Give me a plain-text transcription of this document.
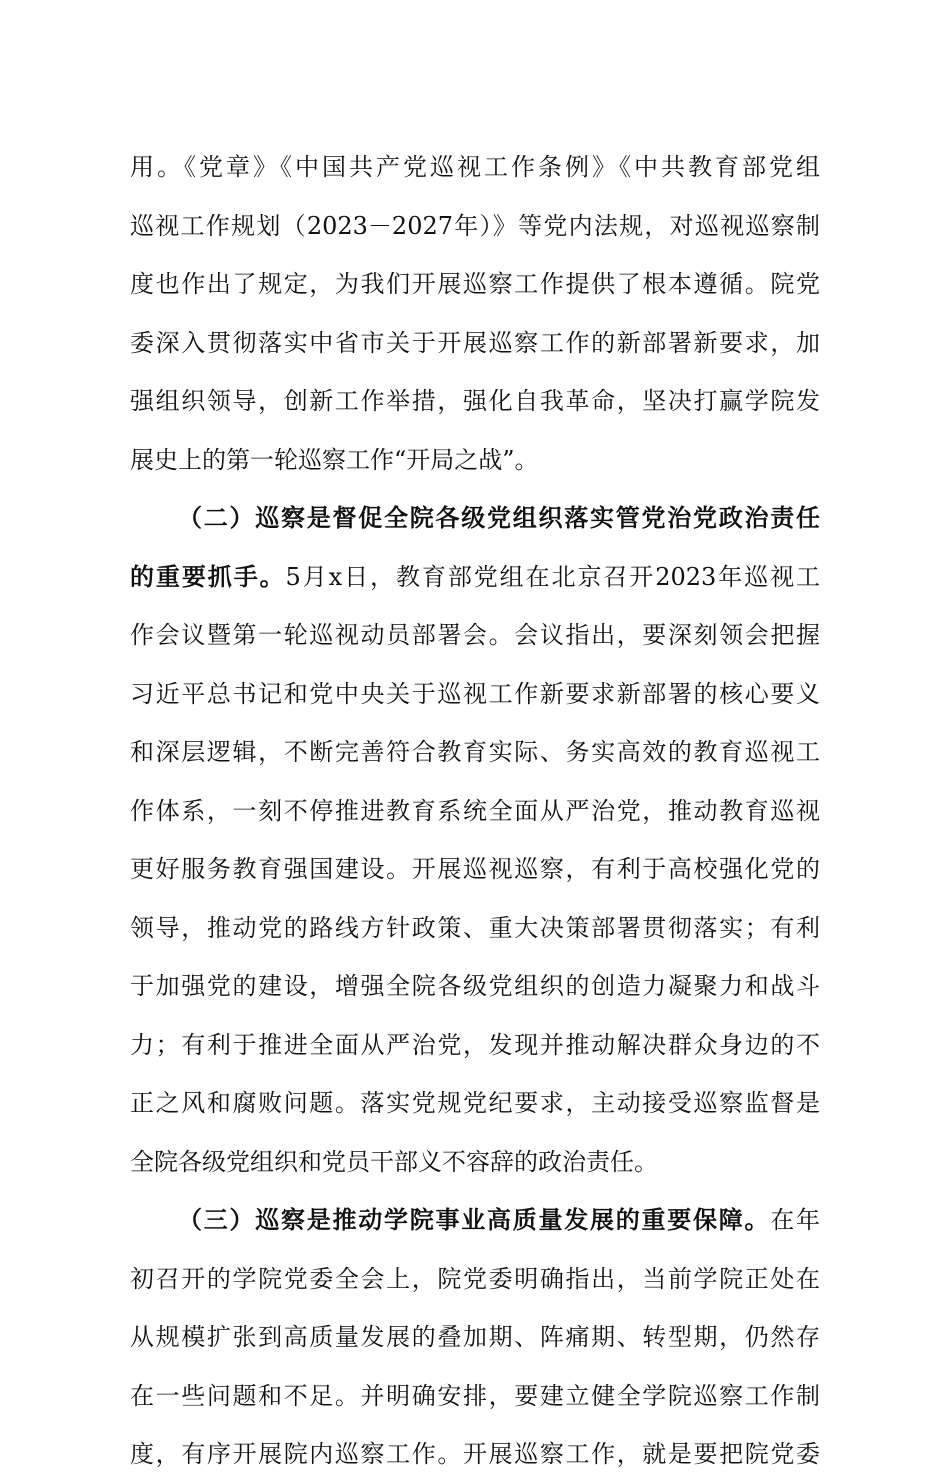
用。《党章》《中国共产党巡视工作条例》《中共教育部党组
巡视工作规划（2023－2027年）》等党内法规，对巡视巡察制
度也作出了规定，为我们开展巡察工作提供了根本遵循。院党
委深入贯彻落实中省市关于开展巡察工作的新部署新要求，加
强组织领导，创新工作举措，强化自我革命，坚决打赢学院发
展史上的第一轮巡察工作“开局之战”。
（二）巡察是督促全院各级党组织落实管党治党政治责任
的重要抓手。5月x日，教育部党组在北京召开2023年巡视工
作会议暨第一轮巡视动员部署会。会议指出，要深刻领会把握
习近平总书记和党中央关于巡视工作新要求新部署的核心要义
和深层逻辑，不断完善符合教育实际、务实高效的教育巡视工
作体系，一刻不停推进教育系统全面从严治党，推动教育巡视
更好服务教育强国建设。开展巡视巡察，有利于高校强化党的
领导，推动党的路线方针政策、重大决策部署贯彻落实；有利
于加强党的建设，增强全院各级党组织的创造力凝聚力和战斗
力；有利于推进全面从严治党，发现并推动解决群众身边的不
正之风和腐败问题。落实党规党纪要求，主动接受巡察监督是
全院各级党组织和党员干部义不容辞的政治责任。
（三）巡察是推动学院事业高质量发展的重要保障。在年
初召开的学院党委全会上，院党委明确指出，当前学院正处在
从规模扩张到高质量发展的叠加期、阵痛期、转型期，仍然存
在一些问题和不足。并明确安排，要建立健全学院巡察工作制
度，有序开展院内巡察工作。开展巡察工作，就是要把院党委
